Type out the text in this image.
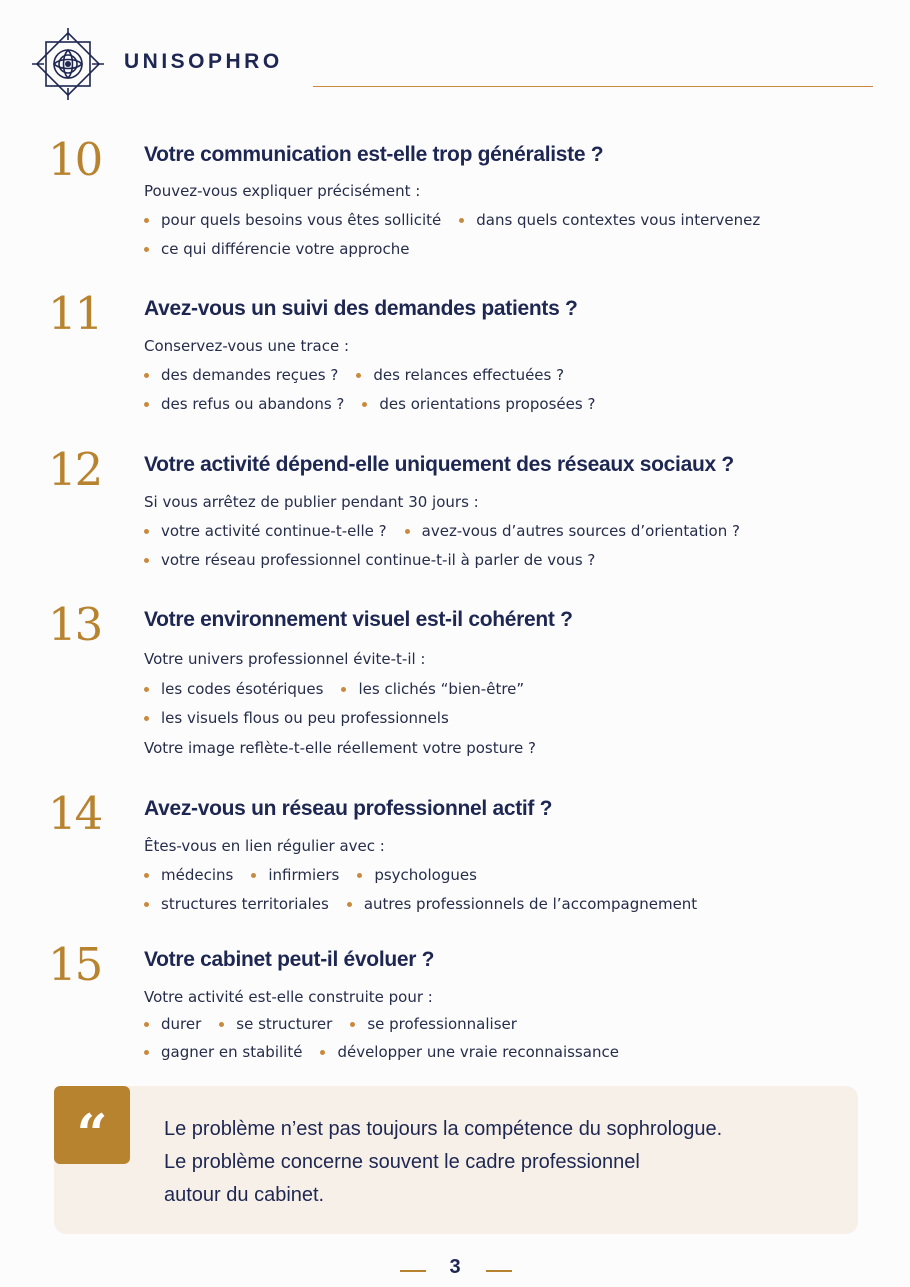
UNISOPHRO
10 Votre communication est-elle trop généraliste ?
Pouvez-vous expliquer précisément :
pour quels besoins vous êtes sollicité dans quels contextes vous intervenez
ce qui différencie votre approche
11 Avez-vous un suivi des demandes patients ?
Conservez-vous une trace :
des demandes reçues ? des relances effectuées ?
des refus ou abandons ? des orientations proposées ?
12 Votre activité dépend-elle uniquement des réseaux sociaux ?
Si vous arrêtez de publier pendant 30 jours :
votre activité continue-t-elle ? avez-vous d’autres sources d’orientation ?
votre réseau professionnel continue-t-il à parler de vous ?
13 Votre environnement visuel est-il cohérent ?
Votre univers professionnel évite-t-il :
les codes ésotériques les clichés “bien-être”
les visuels flous ou peu professionnels
Votre image reflète-t-elle réellement votre posture ?
14 Avez-vous un réseau professionnel actif ?
Êtes-vous en lien régulier avec :
médecins infirmiers psychologues
structures territoriales autres professionnels de l’accompagnement
15 Votre cabinet peut-il évoluer ?
Votre activité est-elle construite pour :
durer se structurer se professionnaliser
gagner en stabilité développer une vraie reconnaissance
“	Le problème n’est pas toujours la compétence du sophrologue.
Le problème concerne souvent le cadre professionnel
autour du cabinet.
3
